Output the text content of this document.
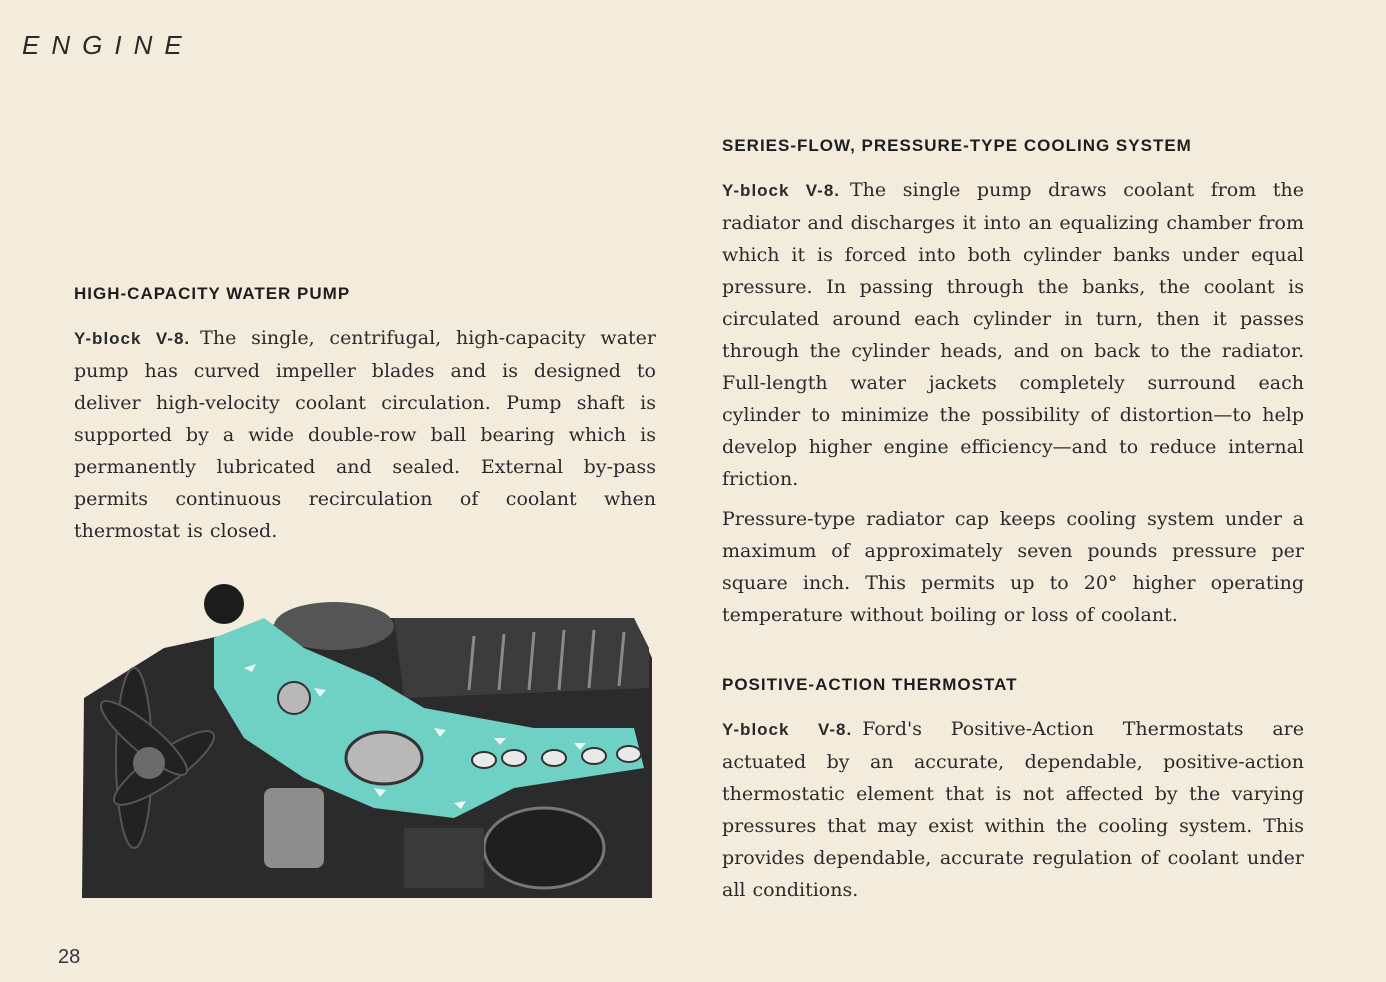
ENGINE
HIGH-CAPACITY WATER PUMP

Y-block V-8. The single, centrifugal, high-capacity water pump has curved impeller blades and is designed to deliver high-velocity coolant circulation. Pump shaft is supported by a wide double-row ball bearing which is permanently lubricated and sealed. External by-pass permits continuous recirculation of coolant when thermostat is closed.

SERIES-FLOW, PRESSURE-TYPE COOLING SYSTEM

Y-block V-8. The single pump draws coolant from the radiator and discharges it into an equalizing chamber from which it is forced into both cylinder banks under equal pressure. In passing through the banks, the coolant is circulated around each cylinder in turn, then it passes through the cylinder heads, and on back to the radiator. Full-length water jackets completely surround each cylinder to minimize the possibility of distortion—to help develop higher engine efficiency—and to reduce internal friction.

Pressure-type radiator cap keeps cooling system under a maximum of approximately seven pounds pressure per square inch. This permits up to 20° higher operating temperature without boiling or loss of coolant.

POSITIVE-ACTION THERMOSTAT

Y-block V-8. Ford's Positive-Action Thermostats are actuated by an accurate, dependable, positive-action thermostatic element that is not affected by the varying pressures that may exist within the cooling system. This provides dependable, accurate regulation of coolant under all conditions.

28
